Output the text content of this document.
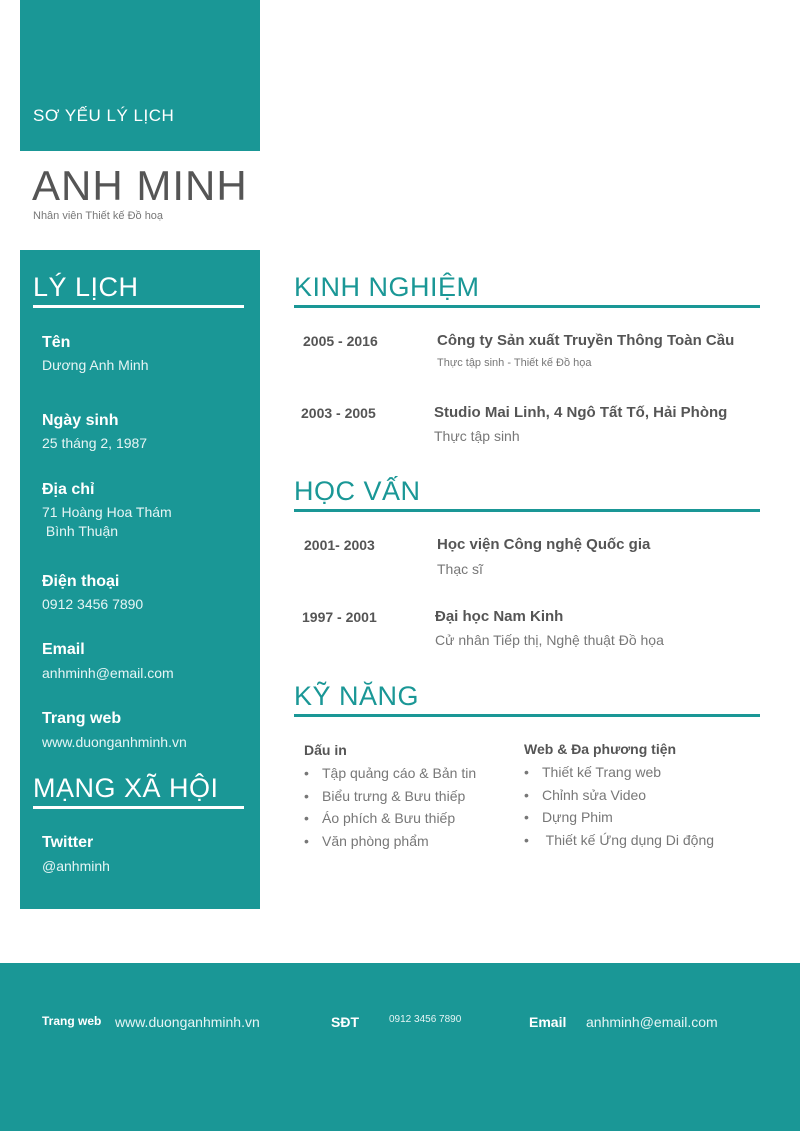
SƠ YẾU LÝ LỊCH
ANH MINH
Nhân viên Thiết kế Đồ hoạ
LÝ LỊCH
Tên
Dương Anh Minh
Ngày sinh
25 tháng 2, 1987
Địa chỉ
71 Hoàng Hoa Thám
Bình Thuận
Điện thoại
0912 3456 7890
Email
anhminh@email.com
Trang web
www.duonganhminh.vn
MẠNG XÃ HỘI
Twitter
@anhminh
KINH NGHIỆM
2005 - 2016	Công ty Sản xuất Truyền Thông Toàn Cầu
Thực tập sinh - Thiết kế Đồ họa
2003 - 2005	Studio Mai Linh, 4 Ngô Tất Tố, Hải Phòng
Thực tập sinh
HỌC VẤN
2001- 2003	Học viện Công nghệ Quốc gia
Thạc sĩ
1997 - 2001	Đại học Nam Kinh
Cử nhân Tiếp thị, Nghệ thuật Đồ họa
KỸ NĂNG
Dấu in
• Tập quảng cáo & Bản tin
• Biểu trưng & Bưu thiếp
• Áo phích & Bưu thiếp
• Văn phòng phẩm
Web & Đa phương tiện
• Thiết kế Trang web
• Chỉnh sửa Video
• Dựng Phim
•  Thiết kế Ứng dụng Di động
Trang web www.duonganhminh.vn	SĐT	0912 3456 7890	Email anhminh@email.com
